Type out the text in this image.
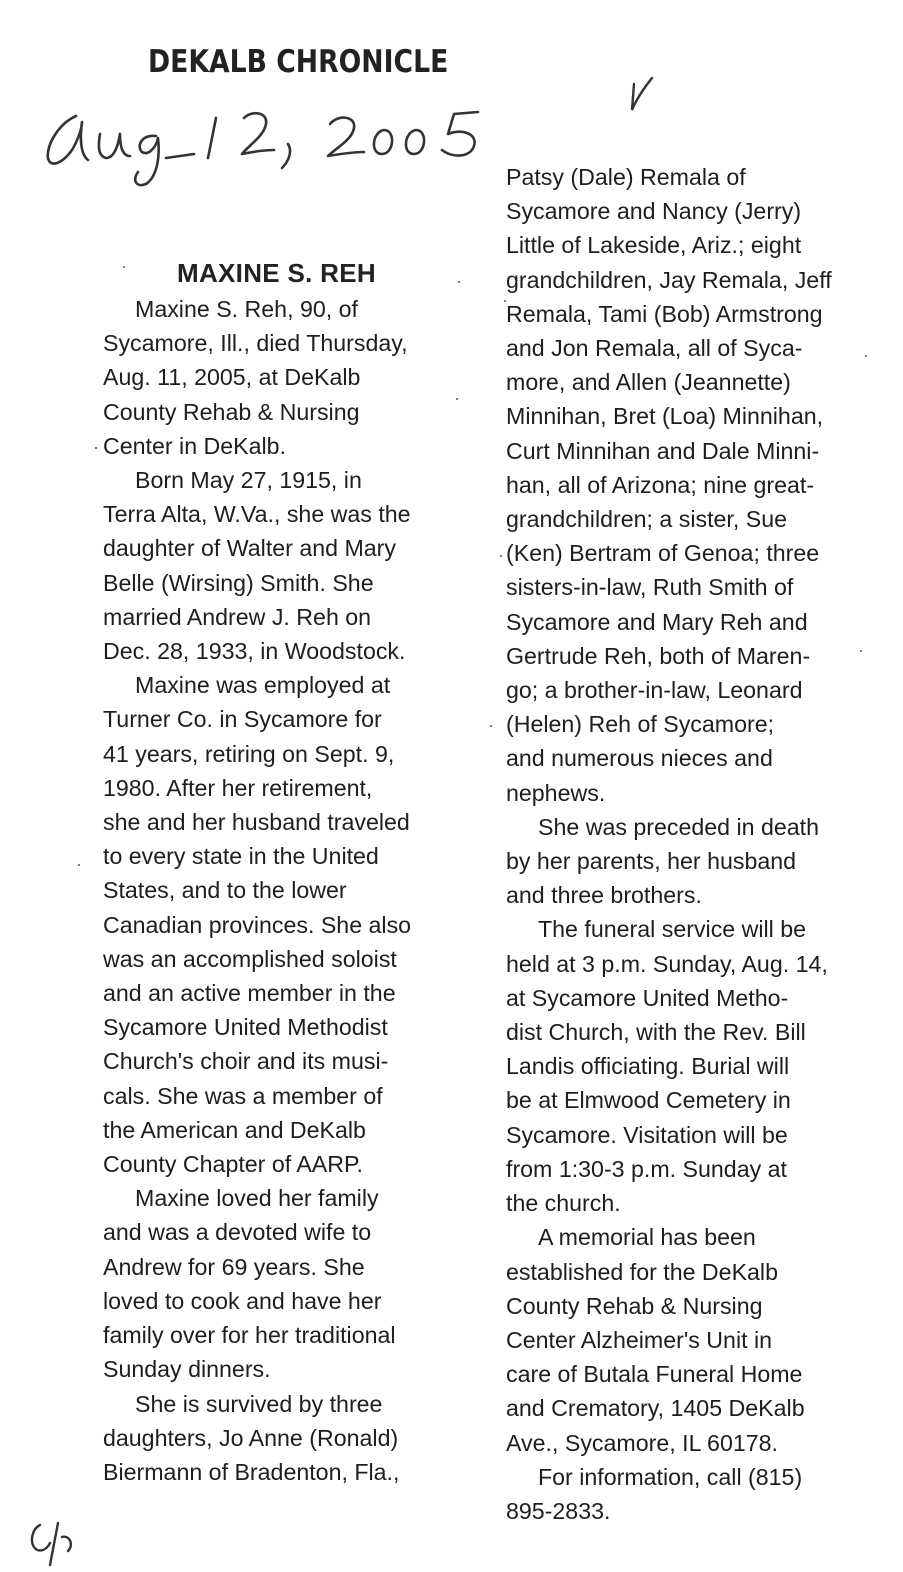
DEKALB CHRONICLE
MAXINE S. REH
Maxine S. Reh, 90, of
Sycamore, Ill., died Thursday,
Aug. 11, 2005, at DeKalb
County Rehab & Nursing
Center in DeKalb.
Born May 27, 1915, in
Terra Alta, W.Va., she was the
daughter of Walter and Mary
Belle (Wirsing) Smith. She
married Andrew J. Reh on
Dec. 28, 1933, in Woodstock.
Maxine was employed at
Turner Co. in Sycamore for
41 years, retiring on Sept. 9,
1980. After her retirement,
she and her husband traveled
to every state in the United
States, and to the lower
Canadian provinces. She also
was an accomplished soloist
and an active member in the
Sycamore United Methodist
Church's choir and its musi-
cals. She was a member of
the American and DeKalb
County Chapter of AARP.
Maxine loved her family
and was a devoted wife to
Andrew for 69 years. She
loved to cook and have her
family over for her traditional
Sunday dinners.
She is survived by three
daughters, Jo Anne (Ronald)
Biermann of Bradenton, Fla.,
Patsy (Dale) Remala of
Sycamore and Nancy (Jerry)
Little of Lakeside, Ariz.; eight
grandchildren, Jay Remala, Jeff
Remala, Tami (Bob) Armstrong
and Jon Remala, all of Syca-
more, and Allen (Jeannette)
Minnihan, Bret (Loa) Minnihan,
Curt Minnihan and Dale Minni-
han, all of Arizona; nine great-
grandchildren; a sister, Sue
(Ken) Bertram of Genoa; three
sisters-in-law, Ruth Smith of
Sycamore and Mary Reh and
Gertrude Reh, both of Maren-
go; a brother-in-law, Leonard
(Helen) Reh of Sycamore;
and numerous nieces and
nephews.
She was preceded in death
by her parents, her husband
and three brothers.
The funeral service will be
held at 3 p.m. Sunday, Aug. 14,
at Sycamore United Metho-
dist Church, with the Rev. Bill
Landis officiating. Burial will
be at Elmwood Cemetery in
Sycamore. Visitation will be
from 1:30-3 p.m. Sunday at
the church.
A memorial has been
established for the DeKalb
County Rehab & Nursing
Center Alzheimer's Unit in
care of Butala Funeral Home
and Crematory, 1405 DeKalb
Ave., Sycamore, IL 60178.
For information, call (815)
895-2833.
